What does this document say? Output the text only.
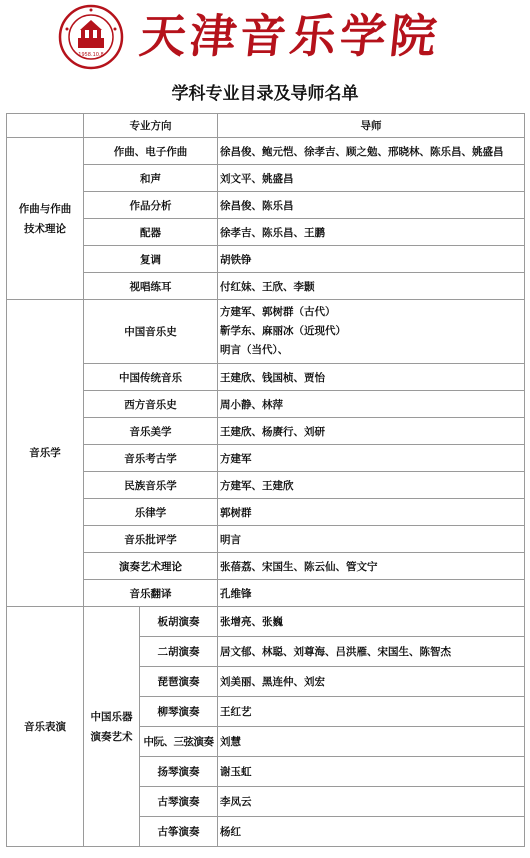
1958.10.8 天津音乐学院
学科专业目录及导师名单
	专业方向		导师

作曲与作曲
技术理论	作曲、电子作曲		徐昌俊、鲍元恺、徐孝吉、顾之勉、邢晓林、陈乐昌、姚盛昌
	和声		刘文平、姚盛昌
	作品分析		徐昌俊、陈乐昌
	配器		徐孝吉、陈乐昌、王鹏
	复调		胡铁铮
	视唱练耳		付红妹、王欣、李颢
音乐学	中国音乐史		方建军、郭树群（古代）
靳学东、麻丽冰（近现代）
明言（当代）、

	中国传统音乐		王建欣、钱国桢、贾怡
	西方音乐史		周小静、林萍
	音乐美学		王建欣、杨赓行、刘研
	音乐考古学		方建军
	民族音乐学		方建军、王建欣
	乐律学		郭树群
	音乐批评学		明言
	演奏艺术理论		张蓓荔、宋国生、陈云仙、管文宁
	音乐翻译		孔维锋
音乐表演	中国乐器
演奏艺术	板胡演奏	张增亮、张巍
		二胡演奏	居文郁、林聪、刘尊海、吕洪雁、宋国生、陈智杰
		琵琶演奏	刘美丽、黑连仲、刘宏
		柳琴演奏	王红艺
		中阮、三弦演奏	刘慧
		扬琴演奏	谢玉虹
		古琴演奏	李凤云
		古筝演奏	杨红
